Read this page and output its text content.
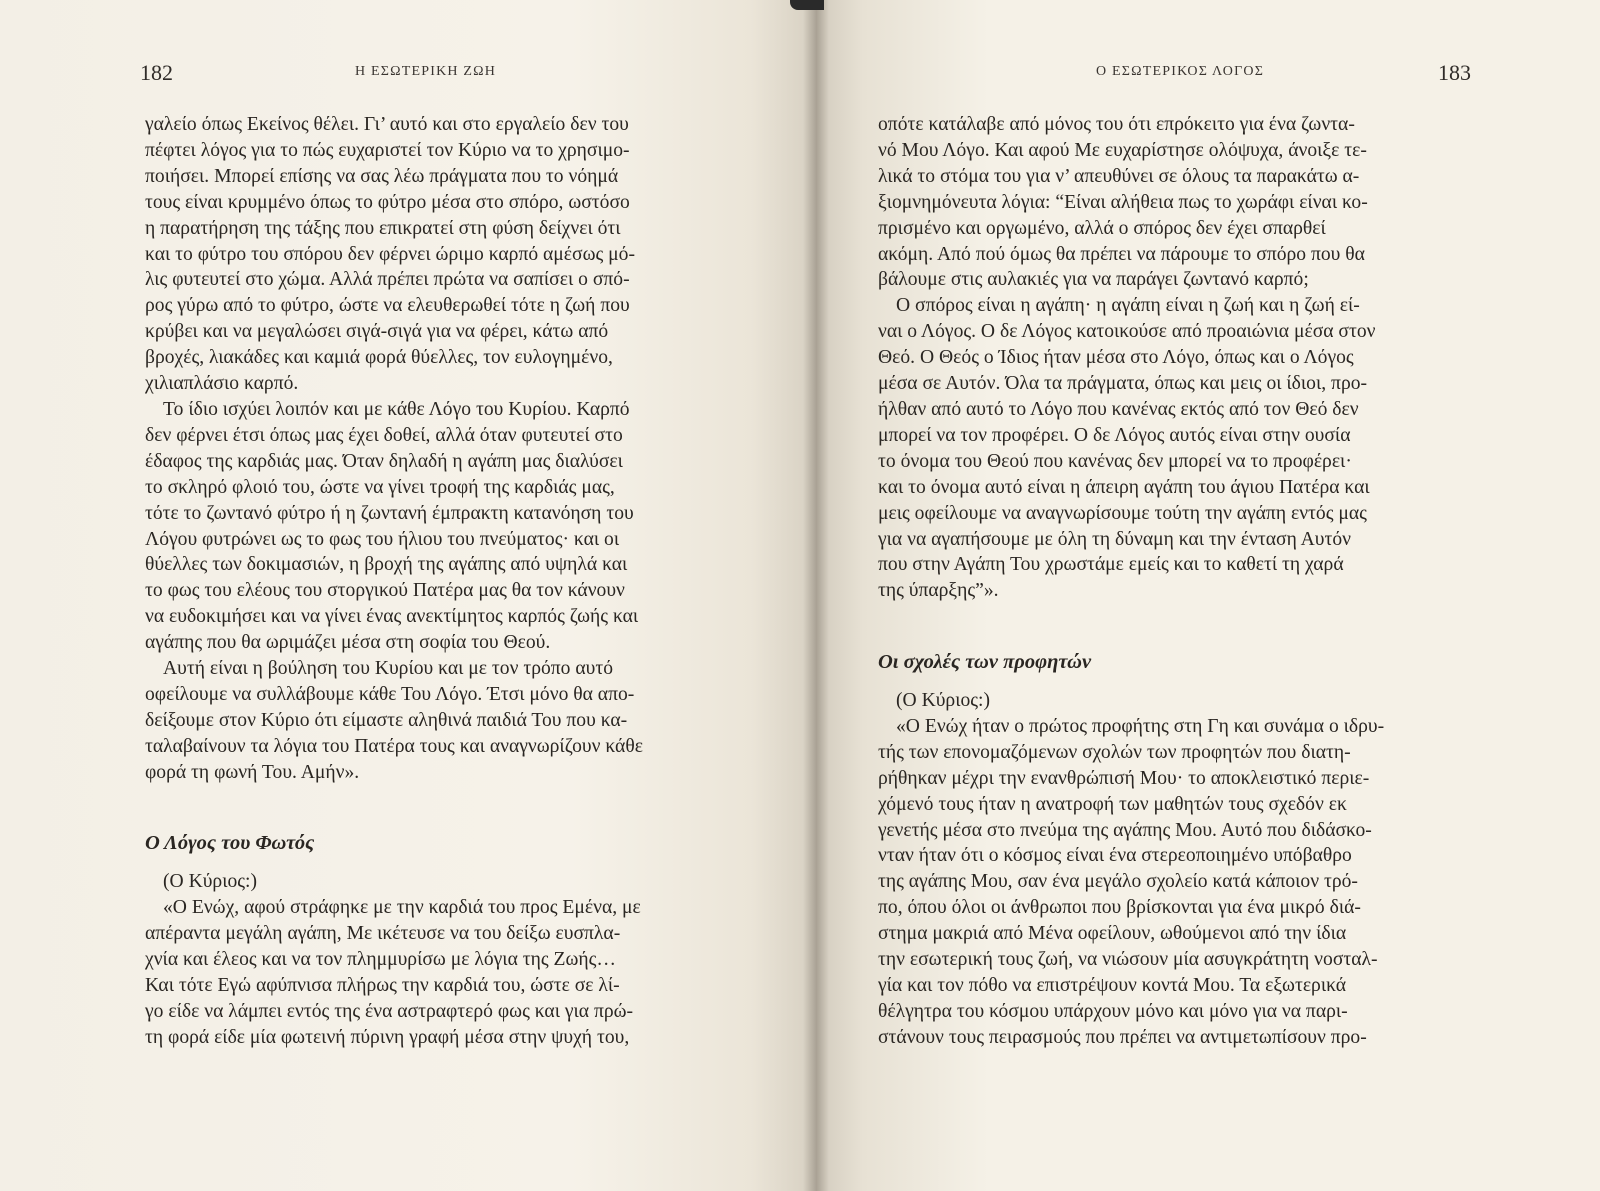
182	Η ΕΣΩΤΕΡΙΚΗ ΖΩΗ
γαλείο όπως Εκείνος θέλει. Γι’ αυτό και στο εργαλείο δεν του
πέφτει λόγος για το πώς ευχαριστεί τον Κύριο να το χρησιμο-
ποιήσει. Μπορεί επίσης να σας λέω πράγματα που το νόημά
τους είναι κρυμμένο όπως το φύτρο μέσα στο σπόρο, ωστόσο
η παρατήρηση της τάξης που επικρατεί στη φύση δείχνει ότι
και το φύτρο του σπόρου δεν φέρνει ώριμο καρπό αμέσως μό-
λις φυτευτεί στο χώμα. Αλλά πρέπει πρώτα να σαπίσει ο σπό-
ρος γύρω από το φύτρο, ώστε να ελευθερωθεί τότε η ζωή που
κρύβει και να μεγαλώσει σιγά-σιγά για να φέρει, κάτω από
βροχές, λιακάδες και καμιά φορά θύελλες, τον ευλογημένο,
χιλιαπλάσιο καρπό.
Το ίδιο ισχύει λοιπόν και με κάθε Λόγο του Κυρίου. Καρπό
δεν φέρνει έτσι όπως μας έχει δοθεί, αλλά όταν φυτευτεί στο
έδαφος της καρδιάς μας. Όταν δηλαδή η αγάπη μας διαλύσει
το σκληρό φλοιό του, ώστε να γίνει τροφή της καρδιάς μας,
τότε το ζωντανό φύτρο ή η ζωντανή έμπρακτη κατανόηση του
Λόγου φυτρώνει ως το φως του ήλιου του πνεύματος· και οι
θύελλες των δοκιμασιών, η βροχή της αγάπης από υψηλά και
το φως του ελέους του στοργικού Πατέρα μας θα τον κάνουν
να ευδοκιμήσει και να γίνει ένας ανεκτίμητος καρπός ζωής και
αγάπης που θα ωριμάζει μέσα στη σοφία του Θεού.
Αυτή είναι η βούληση του Κυρίου και με τον τρόπο αυτό
οφείλουμε να συλλάβουμε κάθε Του Λόγο. Έτσι μόνο θα απο-
δείξουμε στον Κύριο ότι είμαστε αληθινά παιδιά Του που κα-
ταλαβαίνουν τα λόγια του Πατέρα τους και αναγνωρίζουν κάθε
φορά τη φωνή Του. Αμήν».
Ο Λόγος του Φωτός
(Ο Κύριος:)
«Ο Ενώχ, αφού στράφηκε με την καρδιά του προς Εμένα, με
απέραντα μεγάλη αγάπη, Με ικέτευσε να του δείξω ευσπλα-
χνία και έλεος και να τον πλημμυρίσω με λόγια της Ζωής…
Και τότε Εγώ αφύπνισα πλήρως την καρδιά του, ώστε σε λί-
γο είδε να λάμπει εντός της ένα αστραφτερό φως και για πρώ-
τη φορά είδε μία φωτεινή πύρινη γραφή μέσα στην ψυχή του,
Ο ΕΣΩΤΕΡΙΚΟΣ ΛΟΓΟΣ	183
οπότε κατάλαβε από μόνος του ότι επρόκειτο για ένα ζωντα-
νό Μου Λόγο. Και αφού Με ευχαρίστησε ολόψυχα, άνοιξε τε-
λικά το στόμα του για ν’ απευθύνει σε όλους τα παρακάτω α-
ξιομνημόνευτα λόγια: “Είναι αλήθεια πως το χωράφι είναι κο-
πρισμένο και οργωμένο, αλλά ο σπόρος δεν έχει σπαρθεί
ακόμη. Από πού όμως θα πρέπει να πάρουμε το σπόρο που θα
βάλουμε στις αυλακιές για να παράγει ζωντανό καρπό;
Ο σπόρος είναι η αγάπη· η αγάπη είναι η ζωή και η ζωή εί-
ναι ο Λόγος. Ο δε Λόγος κατοικούσε από προαιώνια μέσα στον
Θεό. Ο Θεός ο Ίδιος ήταν μέσα στο Λόγο, όπως και ο Λόγος
μέσα σε Αυτόν. Όλα τα πράγματα, όπως και μεις οι ίδιοι, προ-
ήλθαν από αυτό το Λόγο που κανένας εκτός από τον Θεό δεν
μπορεί να τον προφέρει. Ο δε Λόγος αυτός είναι στην ουσία
το όνομα του Θεού που κανένας δεν μπορεί να το προφέρει·
και το όνομα αυτό είναι η άπειρη αγάπη του άγιου Πατέρα και
μεις οφείλουμε να αναγνωρίσουμε τούτη την αγάπη εντός μας
για να αγαπήσουμε με όλη τη δύναμη και την ένταση Αυτόν
που στην Αγάπη Του χρωστάμε εμείς και το καθετί τη χαρά
της ύπαρξης”».
Οι σχολές των προφητών
(Ο Κύριος:)
«Ο Ενώχ ήταν ο πρώτος προφήτης στη Γη και συνάμα ο ιδρυ-
τής των επονομαζόμενων σχολών των προφητών που διατη-
ρήθηκαν μέχρι την ενανθρώπισή Μου· το αποκλειστικό περιε-
χόμενό τους ήταν η ανατροφή των μαθητών τους σχεδόν εκ
γενετής μέσα στο πνεύμα της αγάπης Μου. Αυτό που διδάσκο-
νταν ήταν ότι ο κόσμος είναι ένα στερεοποιημένο υπόβαθρο
της αγάπης Μου, σαν ένα μεγάλο σχολείο κατά κάποιον τρό-
πο, όπου όλοι οι άνθρωποι που βρίσκονται για ένα μικρό διά-
στημα μακριά από Μένα οφείλουν, ωθούμενοι από την ίδια
την εσωτερική τους ζωή, να νιώσουν μία ασυγκράτητη νοσταλ-
γία και τον πόθο να επιστρέψουν κοντά Μου. Τα εξωτερικά
θέλγητρα του κόσμου υπάρχουν μόνο και μόνο για να παρι-
στάνουν τους πειρασμούς που πρέπει να αντιμετωπίσουν προ-
